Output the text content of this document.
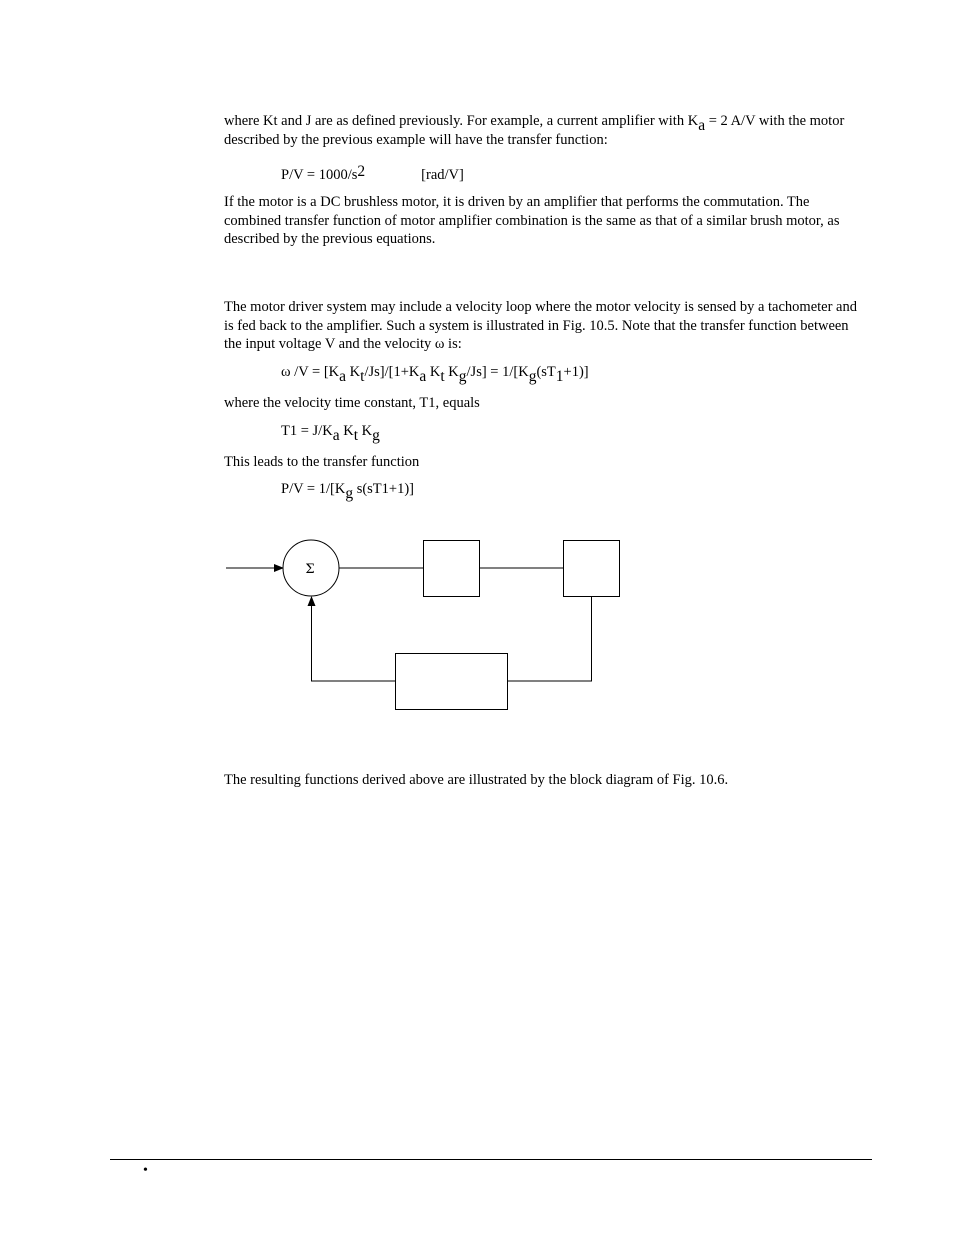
where Kt and J are as defined previously. For example, a current amplifier with $K_a = 2$ A/V with the motor described by the previous example will have the transfer function:

$P/V = 1000/s^2$	[rad/V]

If the motor is a DC brushless motor, it is driven by an amplifier that performs the commutation. The combined transfer function of motor amplifier combination is the same as that of a similar brush motor, as described by the previous equations.

The motor driver system may include a velocity loop where the motor velocity is sensed by a tachometer and is fed back to the amplifier. Such a system is illustrated in Fig. 10.5. Note that the transfer function between the input voltage V and the velocity ω is:

ω $/V = [K_a$ $K_t/Js]/[1+K_a$ $K_t$ $K_g/Js] = 1/[K_g(sT_1+1)]$

where the velocity time constant, T1, equals

$T1 = J/K_a$ $K_t$ $K_g$

This leads to the transfer function

$P/V = 1/[K_g$ s(sT1+1)]
Σ

The resulting functions derived above are illustrated by the block diagram of Fig. 10.6.

•
